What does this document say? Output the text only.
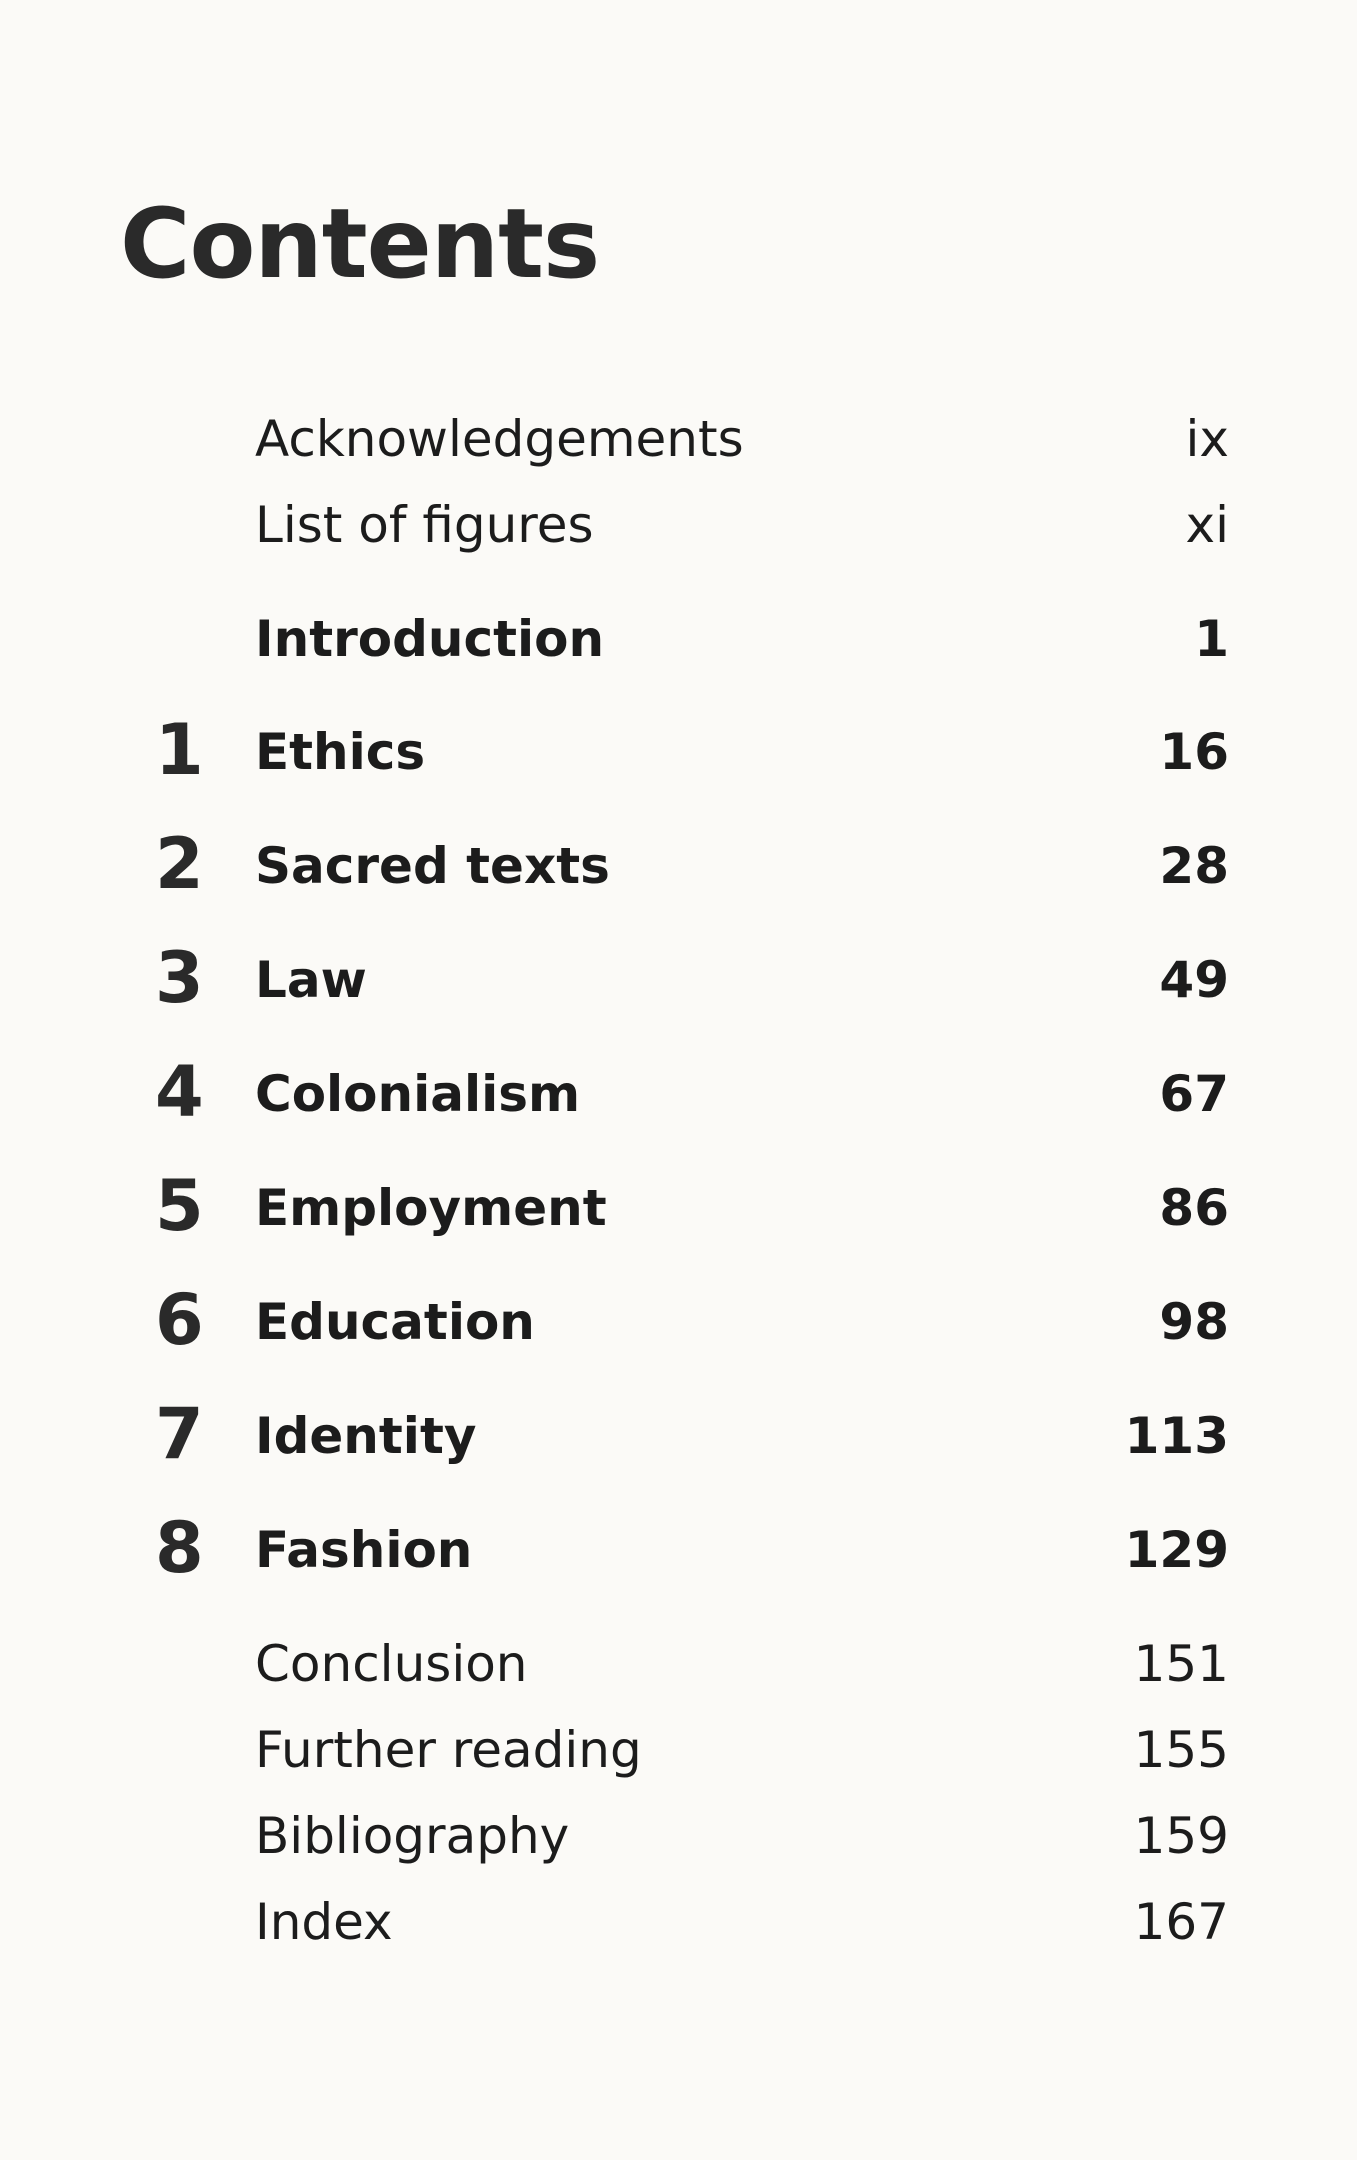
Contents
Acknowledgements	ix
List of figures	xi
Introduction	1
1 Ethics	16
2 Sacred texts	28
3 Law	49
4 Colonialism	67
5 Employment	86
6 Education	98
7 Identity	113
8 Fashion	129
Conclusion	151
Further reading	155
Bibliography	159
Index	167
